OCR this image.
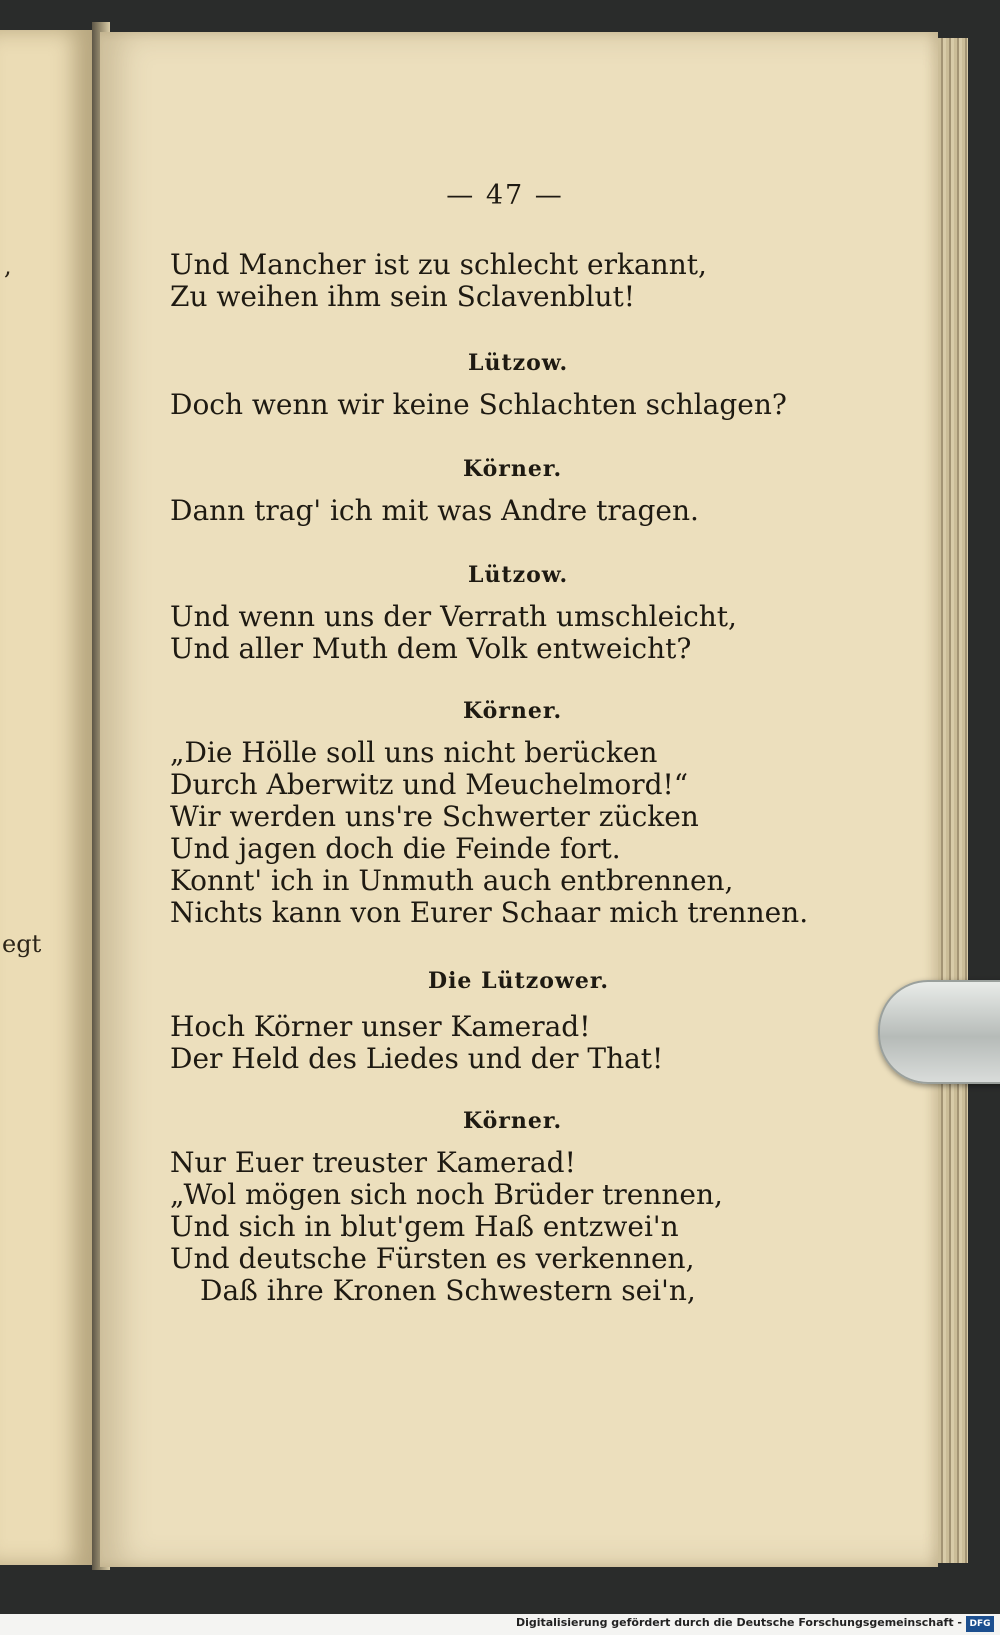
,
egt
— 47 —
Und Mancher ist zu schlecht erkannt,
Zu weihen ihm sein Sclavenblut!
Lützow.
Doch wenn wir keine Schlachten schlagen?
Körner.
Dann trag' ich mit was Andre tragen.
Lützow.
Und wenn uns der Verrath umschleicht,
Und aller Muth dem Volk entweicht?
Körner.
„Die Hölle soll uns nicht berücken
Durch Aberwitz und Meuchelmord!“
Wir werden uns're Schwerter zücken
Und jagen doch die Feinde fort.
Konnt' ich in Unmuth auch entbrennen,
Nichts kann von Eurer Schaar mich trennen.
Die Lützower.
Hoch Körner unser Kamerad!
Der Held des Liedes und der That!
Körner.
Nur Euer treuster Kamerad!
„Wol mögen sich noch Brüder trennen,
Und sich in blut'gem Haß entzwei'n
Und deutsche Fürsten es verkennen,
Daß ihre Kronen Schwestern sei'n,
Digitalisierung gefördert durch die Deutsche Forschungsgemeinschaft - DFG
